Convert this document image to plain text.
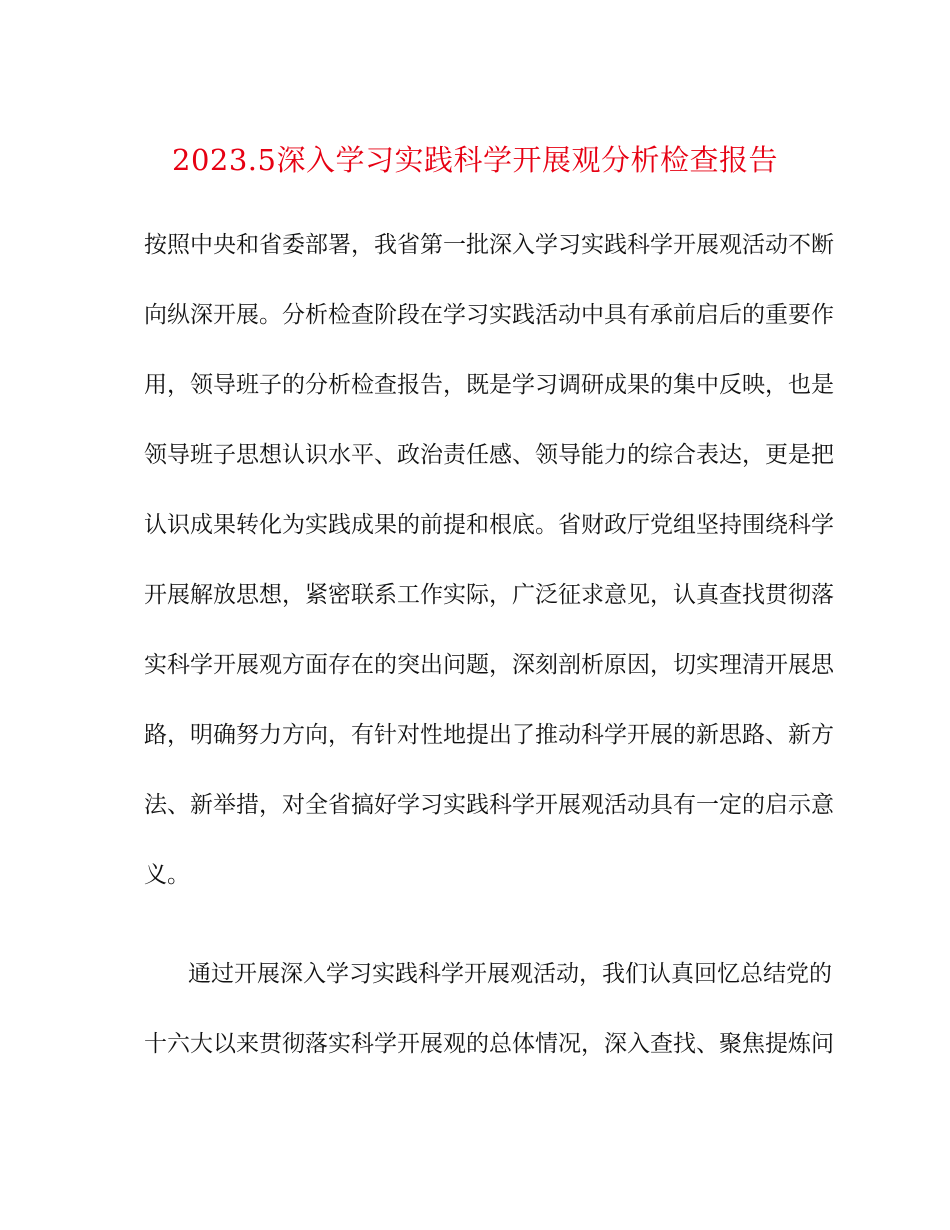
2023.5深入学习实践科学开展观分析检查报告
按照中央和省委部署，我省第一批深入学习实践科学开展观活动不断
向纵深开展。分析检查阶段在学习实践活动中具有承前启后的重要作
用，领导班子的分析检查报告，既是学习调研成果的集中反映，也是
领导班子思想认识水平、政治责任感、领导能力的综合表达，更是把
认识成果转化为实践成果的前提和根底。省财政厅党组坚持围绕科学
开展解放思想，紧密联系工作实际，广泛征求意见，认真查找贯彻落
实科学开展观方面存在的突出问题，深刻剖析原因，切实理清开展思
路，明确努力方向，有针对性地提出了推动科学开展的新思路、新方
法、新举措，对全省搞好学习实践科学开展观活动具有一定的启示意
义。
通过开展深入学习实践科学开展观活动，我们认真回忆总结党的
十六大以来贯彻落实科学开展观的总体情况，深入查找、聚焦提炼问
